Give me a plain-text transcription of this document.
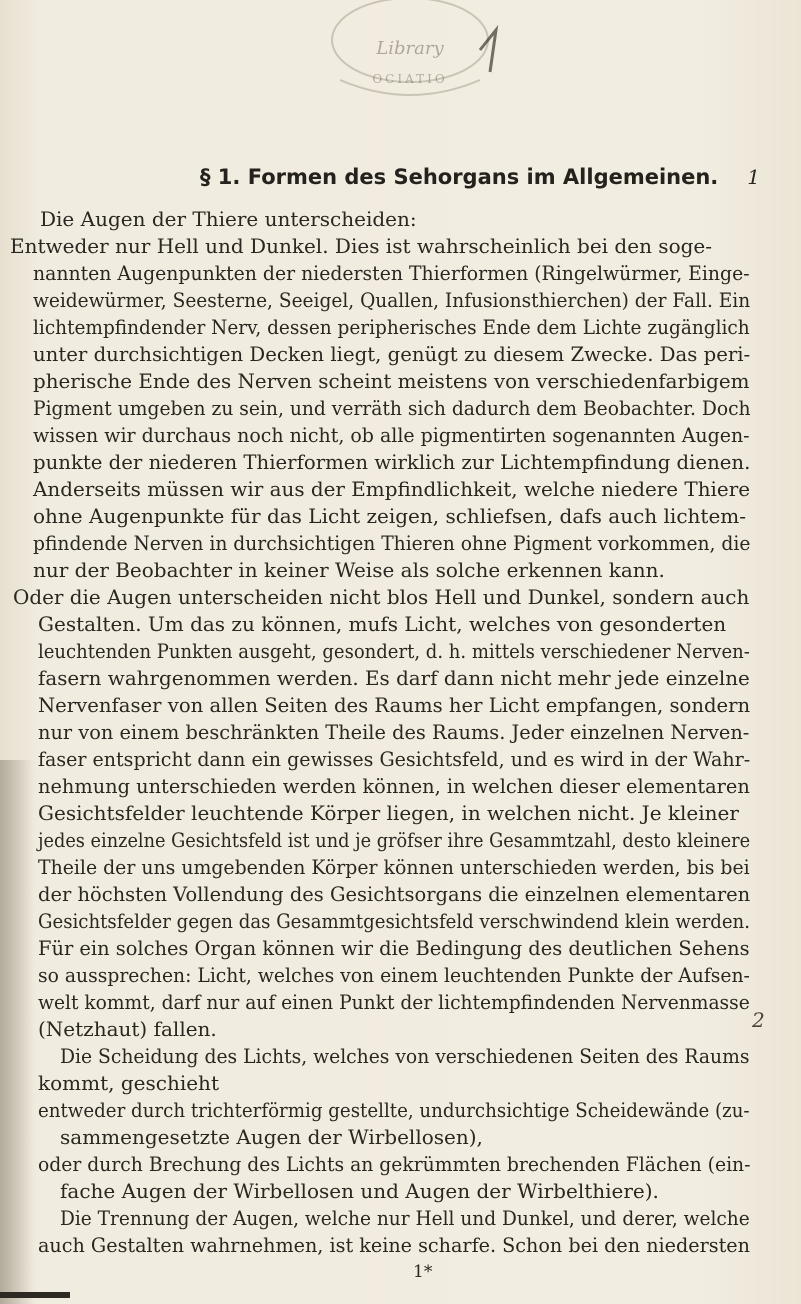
Library
OCIATIO
§ 1. Formen des Sehorgans im Allgemeinen. 1
Die Augen der Thiere unterscheiden:
Entweder nur Hell und Dunkel. Dies ist wahrscheinlich bei den soge-
nannten Augenpunkten der niedersten Thierformen (Ringelwürmer, Einge-
weidewürmer, Seesterne, Seeigel, Quallen, Infusionsthierchen) der Fall. Ein
lichtempfindender Nerv, dessen peripherisches Ende dem Lichte zugänglich
unter durchsichtigen Decken liegt, genügt zu diesem Zwecke. Das peri-
pherische Ende des Nerven scheint meistens von verschiedenfarbigem
Pigment umgeben zu sein, und verräth sich dadurch dem Beobachter. Doch
wissen wir durchaus noch nicht, ob alle pigmentirten sogenannten Augen-
punkte der niederen Thierformen wirklich zur Lichtempfindung dienen.
Anderseits müssen wir aus der Empfindlichkeit, welche niedere Thiere
ohne Augenpunkte für das Licht zeigen, schliefsen, dafs auch lichtem-
pfindende Nerven in durchsichtigen Thieren ohne Pigment vorkommen, die
nur der Beobachter in keiner Weise als solche erkennen kann.
Oder die Augen unterscheiden nicht blos Hell und Dunkel, sondern auch
Gestalten. Um das zu können, mufs Licht, welches von gesonderten
leuchtenden Punkten ausgeht, gesondert, d. h. mittels verschiedener Nerven-
fasern wahrgenommen werden. Es darf dann nicht mehr jede einzelne
Nervenfaser von allen Seiten des Raums her Licht empfangen, sondern
nur von einem beschränkten Theile des Raums. Jeder einzelnen Nerven-
faser entspricht dann ein gewisses Gesichtsfeld, und es wird in der Wahr-
nehmung unterschieden werden können, in welchen dieser elementaren
Gesichtsfelder leuchtende Körper liegen, in welchen nicht. Je kleiner
jedes einzelne Gesichtsfeld ist und je gröfser ihre Gesammtzahl, desto kleinere
Theile der uns umgebenden Körper können unterschieden werden, bis bei
der höchsten Vollendung des Gesichtsorgans die einzelnen elementaren
Gesichtsfelder gegen das Gesammtgesichtsfeld verschwindend klein werden.
Für ein solches Organ können wir die Bedingung des deutlichen Sehens
so aussprechen: Licht, welches von einem leuchtenden Punkte der Aufsen-
welt kommt, darf nur auf einen Punkt der lichtempfindenden Nervenmasse
(Netzhaut) fallen.
Die Scheidung des Lichts, welches von verschiedenen Seiten des Raums
kommt, geschieht
entweder durch trichterförmig gestellte, undurchsichtige Scheidewände (zu-
sammengesetzte Augen der Wirbellosen),
oder durch Brechung des Lichts an gekrümmten brechenden Flächen (ein-
fache Augen der Wirbellosen und Augen der Wirbelthiere).
Die Trennung der Augen, welche nur Hell und Dunkel, und derer, welche
auch Gestalten wahrnehmen, ist keine scharfe. Schon bei den niedersten
2
1*
